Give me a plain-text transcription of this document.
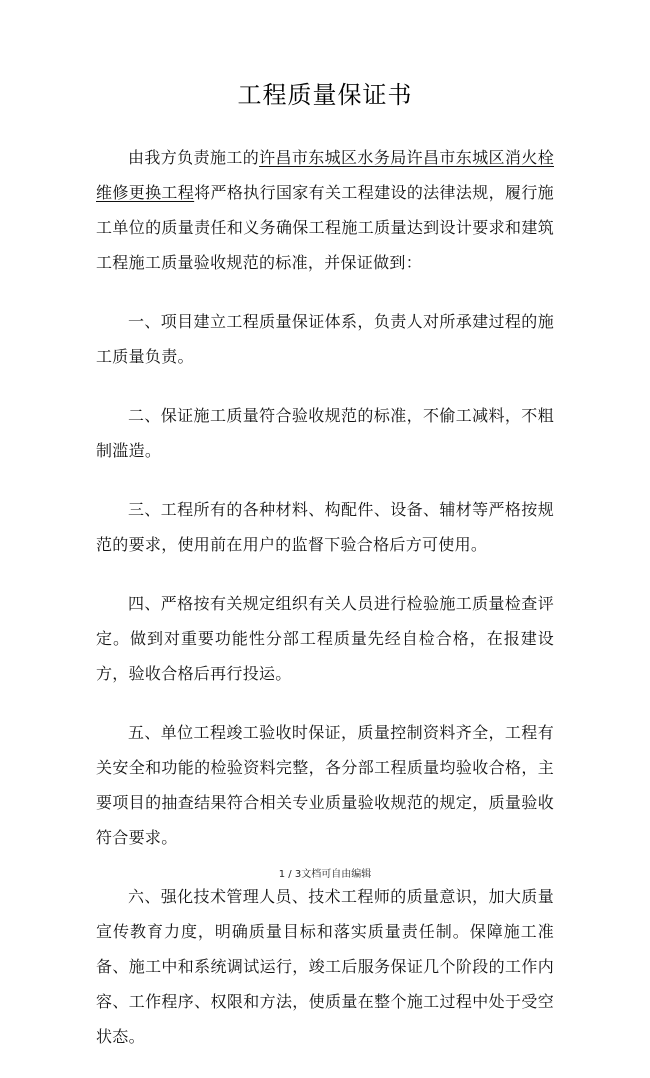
工程质量保证书

由我方负责施工的许昌市东城区水务局许昌市东城区消火栓维修更换工程将严格执行国家有关工程建设的法律法规，履行施工单位的质量责任和义务确保工程施工质量达到设计要求和建筑工程施工质量验收规范的标准，并保证做到：

一、项目建立工程质量保证体系，负责人对所承建过程的施工质量负责。

二、保证施工质量符合验收规范的标准，不偷工减料，不粗制滥造。

三、工程所有的各种材料、构配件、设备、辅材等严格按规范的要求，使用前在用户的监督下验合格后方可使用。

四、严格按有关规定组织有关人员进行检验施工质量检查评定。做到对重要功能性分部工程质量先经自检合格，在报建设方，验收合格后再行投运。

五、单位工程竣工验收时保证，质量控制资料齐全，工程有关安全和功能的检验资料完整，各分部工程质量均验收合格，主要项目的抽查结果符合相关专业质量验收规范的规定，质量验收符合要求。

六、强化技术管理人员、技术工程师的质量意识，加大质量宣传教育力度，明确质量目标和落实质量责任制。保障施工准备、施工中和系统调试运行，竣工后服务保证几个阶段的工作内容、工作程序、权限和方法，使质量在整个施工过程中处于受空状态。

1 / 3文档可自由编辑
